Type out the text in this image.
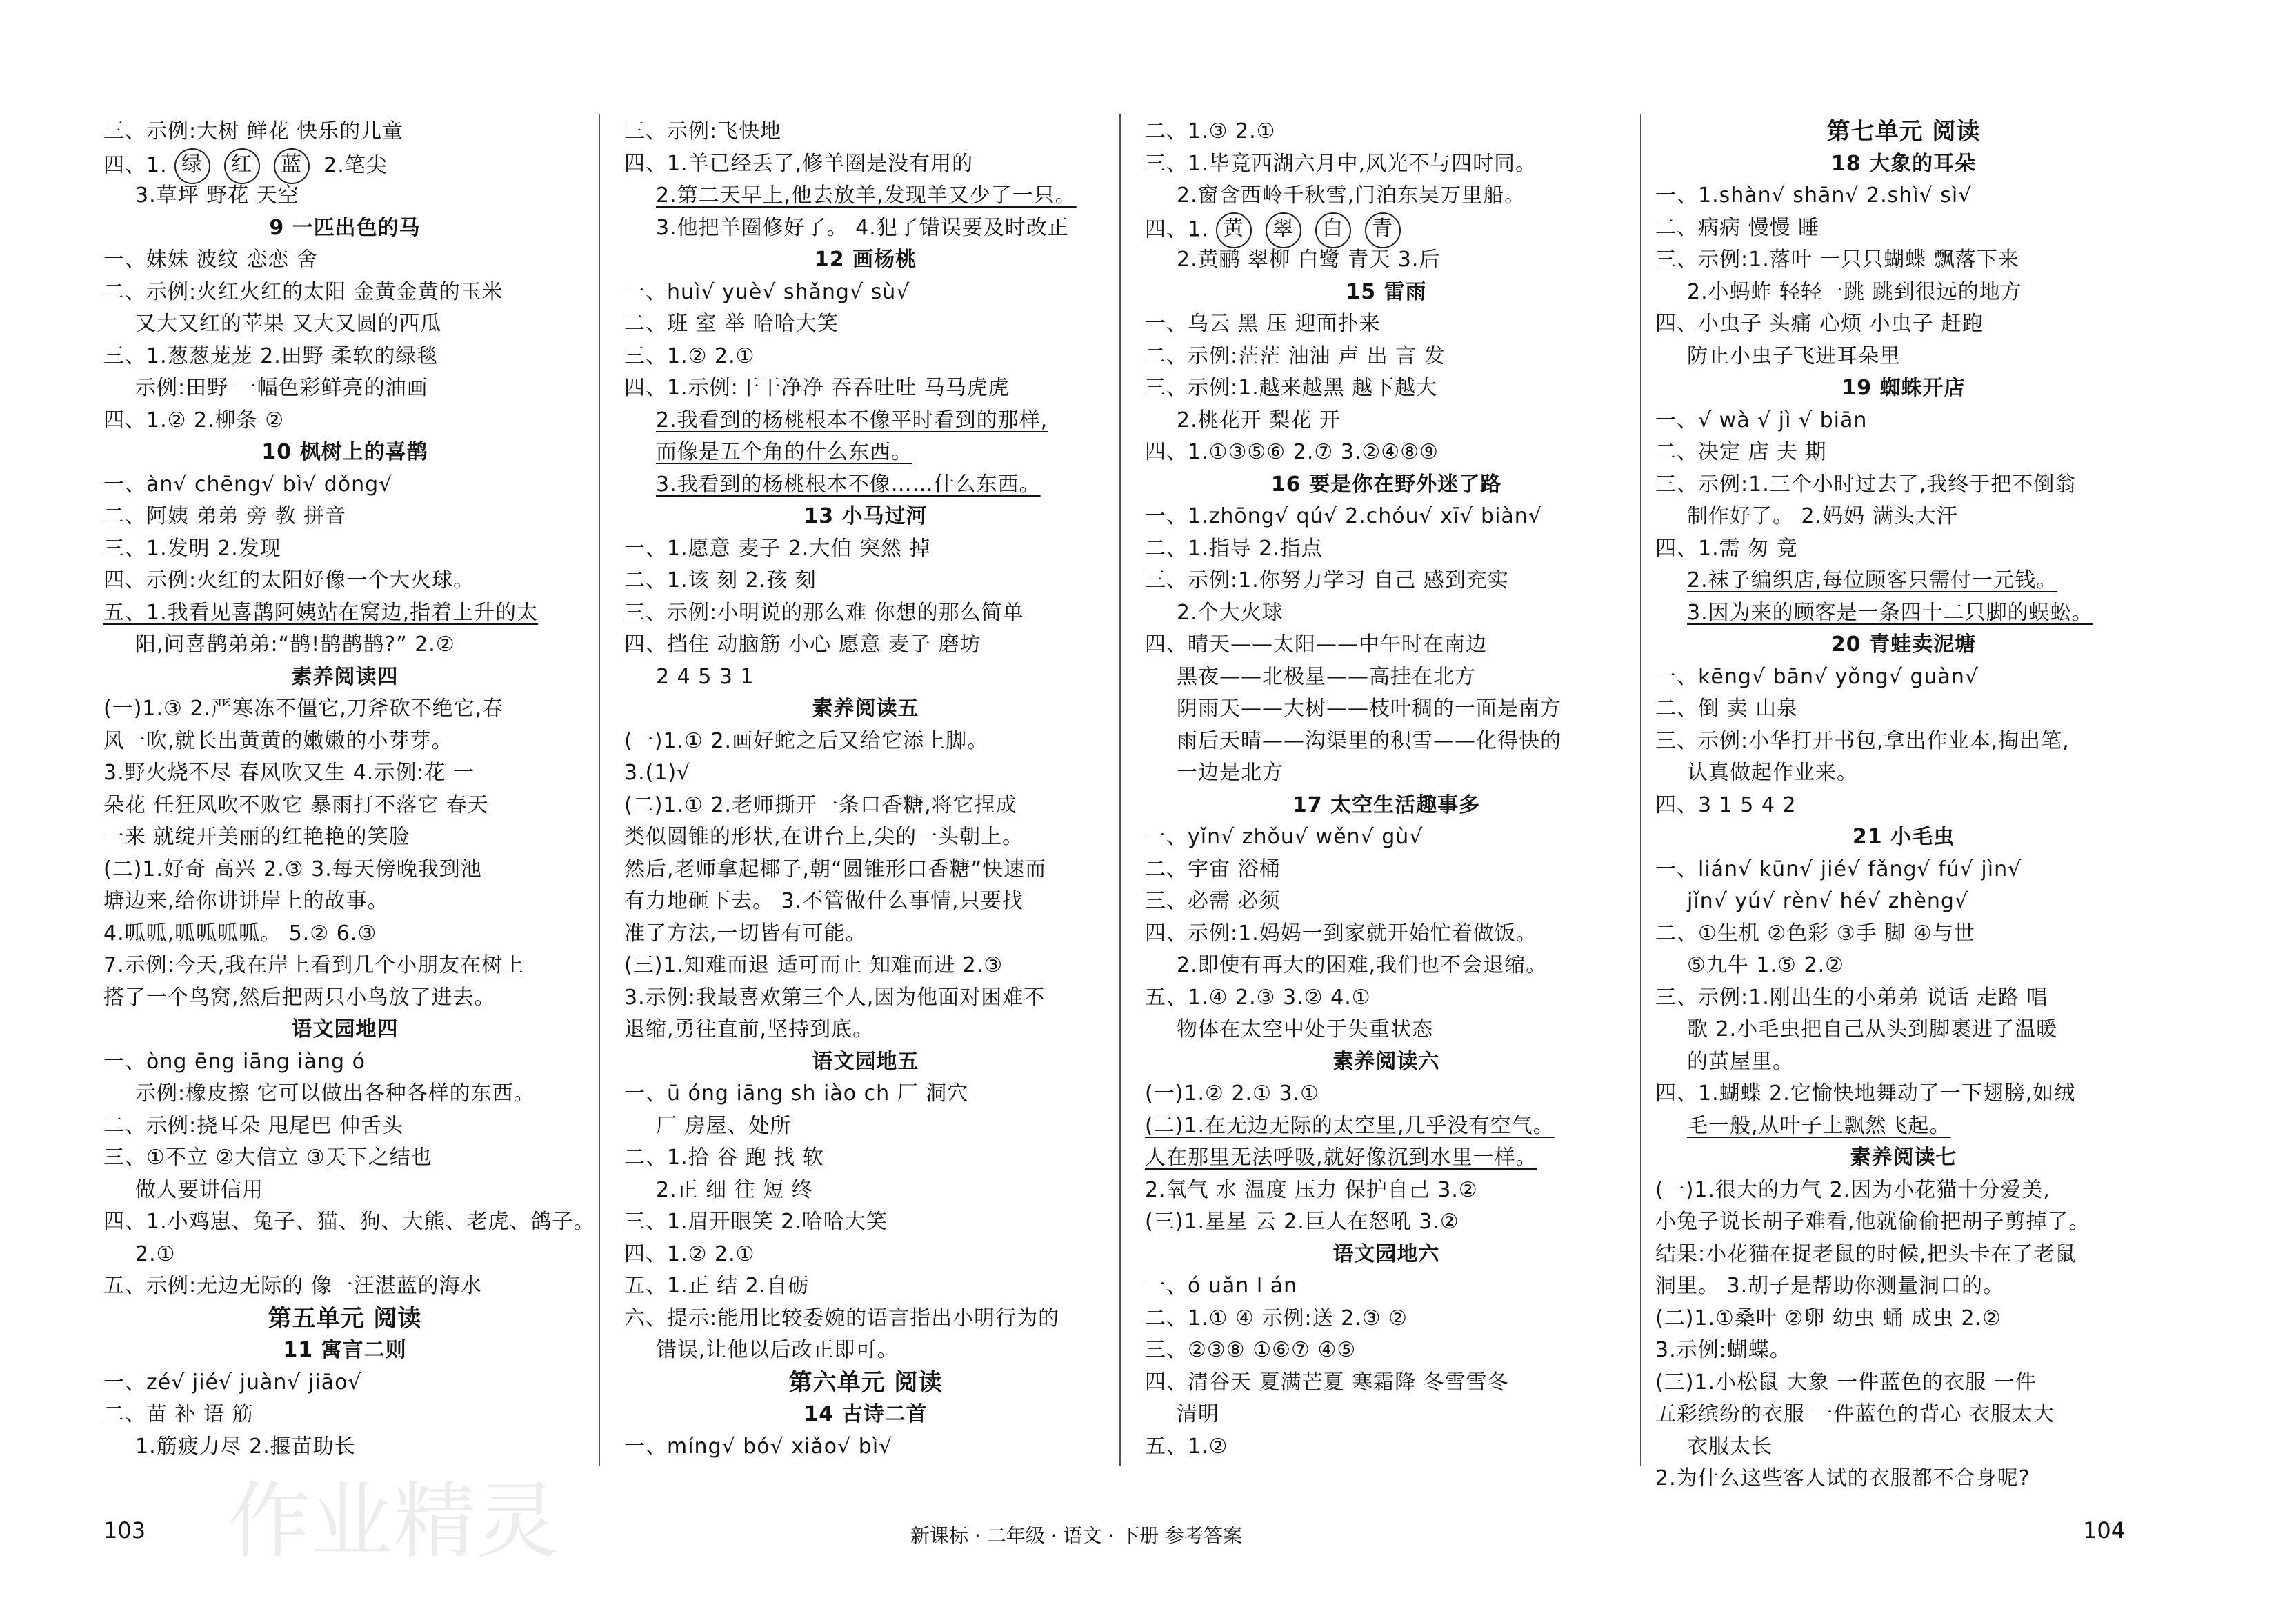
三、示例:大树 鲜花 快乐的儿童
四、1. 绿 红 蓝 2.笔尖
3.草坪 野花 天空
9 一匹出色的马
一、妹妹 波纹 恋恋 舍
二、示例:火红火红的太阳 金黄金黄的玉米
又大又红的苹果 又大又圆的西瓜
三、1.葱葱茏茏 2.田野 柔软的绿毯
示例:田野 一幅色彩鲜亮的油画
四、1.② 2.柳条 ②
10 枫树上的喜鹊
一、àn√ chēng√ bì√ dǒng√
二、阿姨 弟弟 旁 教 拼音
三、1.发明 2.发现
四、示例:火红的太阳好像一个大火球。
五、1.我看见喜鹊阿姨站在窝边,指着上升的太
阳,问喜鹊弟弟:“鹊!鹊鹊鹊?” 2.②
素养阅读四
(一)1.③ 2.严寒冻不僵它,刀斧砍不绝它,春
风一吹,就长出黄黄的嫩嫩的小芽芽。
3.野火烧不尽 春风吹又生 4.示例:花 一
朵花 任狂风吹不败它 暴雨打不落它 春天
一来 就绽开美丽的红艳艳的笑脸
(二)1.好奇 高兴 2.③ 3.每天傍晚我到池
塘边来,给你讲讲岸上的故事。
4.呱呱,呱呱呱呱。 5.② 6.③
7.示例:今天,我在岸上看到几个小朋友在树上
搭了一个鸟窝,然后把两只小鸟放了进去。
语文园地四
一、òng ēng iāng iàng ó
示例:橡皮擦 它可以做出各种各样的东西。
二、示例:挠耳朵 甩尾巴 伸舌头
三、①不立 ②大信立 ③天下之结也
做人要讲信用
四、1.小鸡崽、兔子、猫、狗、大熊、老虎、鸽子。
2.①
五、示例:无边无际的 像一汪湛蓝的海水
第五单元 阅读
11 寓言二则
一、zé√ jié√ juàn√ jiāo√
二、苗 补 语 筋
1.筋疲力尽 2.揠苗助长
三、示例:飞快地
四、1.羊已经丢了,修羊圈是没有用的
2.第二天早上,他去放羊,发现羊又少了一只。
3.他把羊圈修好了。 4.犯了错误要及时改正
12 画杨桃
一、huì√ yuè√ shǎng√ sù√
二、班 室 举 哈哈大笑
三、1.② 2.①
四、1.示例:干干净净 吞吞吐吐 马马虎虎
2.我看到的杨桃根本不像平时看到的那样,
而像是五个角的什么东西。
3.我看到的杨桃根本不像……什么东西。
13 小马过河
一、1.愿意 麦子 2.大伯 突然 掉
二、1.该 刻 2.孩 刻
三、示例:小明说的那么难 你想的那么简单
四、挡住 动脑筋 小心 愿意 麦子 磨坊
2 4 5 3 1
素养阅读五
(一)1.① 2.画好蛇之后又给它添上脚。
3.(1)√
(二)1.① 2.老师撕开一条口香糖,将它捏成
类似圆锥的形状,在讲台上,尖的一头朝上。
然后,老师拿起椰子,朝“圆锥形口香糖”快速而
有力地砸下去。 3.不管做什么事情,只要找
准了方法,一切皆有可能。
(三)1.知难而退 适可而止 知难而进 2.③
3.示例:我最喜欢第三个人,因为他面对困难不
退缩,勇往直前,坚持到底。
语文园地五
一、ū óng iāng sh iào ch 厂 洞穴
厂 房屋、处所
二、1.拾 谷 跑 找 软
2.正 细 往 短 终
三、1.眉开眼笑 2.哈哈大笑
四、1.② 2.①
五、1.正 结 2.自砺
六、提示:能用比较委婉的语言指出小明行为的
错误,让他以后改正即可。
第六单元 阅读
14 古诗二首
一、míng√ bó√ xiǎo√ bì√
二、1.③ 2.①
三、1.毕竟西湖六月中,风光不与四时同。
2.窗含西岭千秋雪,门泊东吴万里船。
四、1. 黄 翠 白 青
2.黄鹂 翠柳 白鹭 青天 3.后
15 雷雨
一、乌云 黑 压 迎面扑来
二、示例:茫茫 油油 声 出 言 发
三、示例:1.越来越黑 越下越大
2.桃花开 梨花 开
四、1.①③⑤⑥ 2.⑦ 3.②④⑧⑨
16 要是你在野外迷了路
一、1.zhōng√ qú√ 2.chóu√ xī√ biàn√
二、1.指导 2.指点
三、示例:1.你努力学习 自己 感到充实
2.个大火球
四、晴天——太阳——中午时在南边
黑夜——北极星——高挂在北方
阴雨天——大树——枝叶稠的一面是南方
雨后天晴——沟渠里的积雪——化得快的
一边是北方
17 太空生活趣事多
一、yǐn√ zhǒu√ wěn√ gù√
二、宇宙 浴桶
三、必需 必须
四、示例:1.妈妈一到家就开始忙着做饭。
2.即使有再大的困难,我们也不会退缩。
五、1.④ 2.③ 3.② 4.①
物体在太空中处于失重状态
素养阅读六
(一)1.② 2.① 3.①
(二)1.在无边无际的太空里,几乎没有空气。
人在那里无法呼吸,就好像沉到水里一样。
2.氧气 水 温度 压力 保护自己 3.②
(三)1.星星 云 2.巨人在怒吼 3.②
语文园地六
一、ó uǎn l án
二、1.① ④ 示例:送 2.③ ②
三、②③⑧ ①⑥⑦ ④⑤
四、清谷天 夏满芒夏 寒霜降 冬雪雪冬
清明
五、1.②
第七单元 阅读
18 大象的耳朵
一、1.shàn√ shān√ 2.shì√ sì√
二、病病 慢慢 睡
三、示例:1.落叶 一只只蝴蝶 飘落下来
2.小蚂蚱 轻轻一跳 跳到很远的地方
四、小虫子 头痛 心烦 小虫子 赶跑
防止小虫子飞进耳朵里
19 蜘蛛开店
一、√ wà √ jì √ biān
二、决定 店 夫 期
三、示例:1.三个小时过去了,我终于把不倒翁
制作好了。 2.妈妈 满头大汗
四、1.需 匆 竟
2.袜子编织店,每位顾客只需付一元钱。
3.因为来的顾客是一条四十二只脚的蜈蚣。
20 青蛙卖泥塘
一、kēng√ bān√ yǒng√ guàn√
二、倒 卖 山泉
三、示例:小华打开书包,拿出作业本,掏出笔,
认真做起作业来。
四、3 1 5 4 2
21 小毛虫
一、lián√ kūn√ jié√ fǎng√ fú√ jìn√
jǐn√ yú√ rèn√ hé√ zhèng√
二、①生机 ②色彩 ③手 脚 ④与世
⑤九牛 1.⑤ 2.②
三、示例:1.刚出生的小弟弟 说话 走路 唱
歌 2.小毛虫把自己从头到脚裹进了温暖
的茧屋里。
四、1.蝴蝶 2.它愉快地舞动了一下翅膀,如绒
毛一般,从叶子上飘然飞起。
素养阅读七
(一)1.很大的力气 2.因为小花猫十分爱美,
小兔子说长胡子难看,他就偷偷把胡子剪掉了。
结果:小花猫在捉老鼠的时候,把头卡在了老鼠
洞里。 3.胡子是帮助你测量洞口的。
(二)1.①桑叶 ②卵 幼虫 蛹 成虫 2.②
3.示例:蝴蝶。
(三)1.小松鼠 大象 一件蓝色的衣服 一件
五彩缤纷的衣服 一件蓝色的背心 衣服太大
衣服太长
2.为什么这些客人试的衣服都不合身呢?
作业精灵
103	新课标 · 二年级 · 语文 · 下册 参考答案	104
